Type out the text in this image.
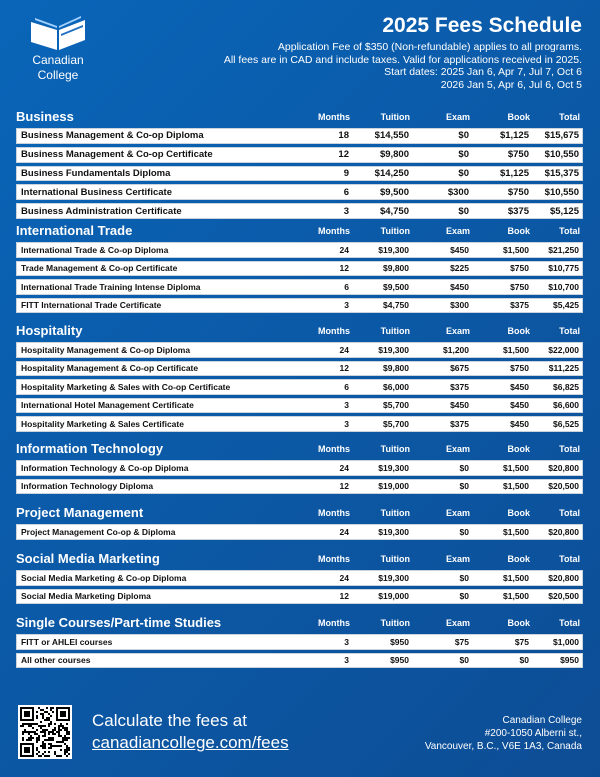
Canadian
College
2025 Fees Schedule
Application Fee of $350 (Non-refundable) applies to all programs.
All fees are in CAD and include taxes. Valid for applications received in 2025.
Start dates: 2025 Jan 6, Apr 7, Jul 7, Oct 6
2026 Jan 5, Apr 6, Jul 6, Oct 5
Business	Months	Tuition	Exam	Book	Total
Business Management & Co-op Diploma	18	$14,550	$0	$1,125	$15,675
Business Management & Co-op Certificate	12	$9,800	$0	$750	$10,550
Business Fundamentals Diploma	9	$14,250	$0	$1,125	$15,375
International Business Certificate	6	$9,500	$300	$750	$10,550
Business Administration Certificate	3	$4,750	$0	$375	$5,125
International Trade	Months	Tuition	Exam	Book	Total
International Trade & Co-op Diploma	24	$19,300	$450	$1,500	$21,250
Trade Management & Co-op Certificate	12	$9,800	$225	$750	$10,775
International Trade Training Intense Diploma	6	$9,500	$450	$750	$10,700
FITT International Trade Certificate	3	$4,750	$300	$375	$5,425
Hospitality	Months	Tuition	Exam	Book	Total
Hospitality Management & Co-op Diploma	24	$19,300	$1,200	$1,500	$22,000
Hospitality Management & Co-op Certificate	12	$9,800	$675	$750	$11,225
Hospitality Marketing & Sales with Co-op Certificate	6	$6,000	$375	$450	$6,825
International Hotel Management Certificate	3	$5,700	$450	$450	$6,600
Hospitality Marketing & Sales Certificate	3	$5,700	$375	$450	$6,525
Information Technology	Months	Tuition	Exam	Book	Total
Information Technology & Co-op Diploma	24	$19,300	$0	$1,500	$20,800
Information Technology Diploma	12	$19,000	$0	$1,500	$20,500
Project Management	Months	Tuition	Exam	Book	Total
Project Management Co-op & Diploma	24	$19,300	$0	$1,500	$20,800
Social Media Marketing	Months	Tuition	Exam	Book	Total
Social Media Marketing & Co-op Diploma	24	$19,300	$0	$1,500	$20,800
Social Media Marketing Diploma	12	$19,000	$0	$1,500	$20,500
Single Courses/Part-time Studies	Months	Tuition	Exam	Book	Total
FITT or AHLEI courses	3	$950	$75	$75	$1,000
All other courses	3	$950	$0	$0	$950
Calculate the fees at
canadiancollege.com/fees
Canadian College
#200-1050 Alberni st.,
Vancouver, B.C., V6E 1A3, Canada
